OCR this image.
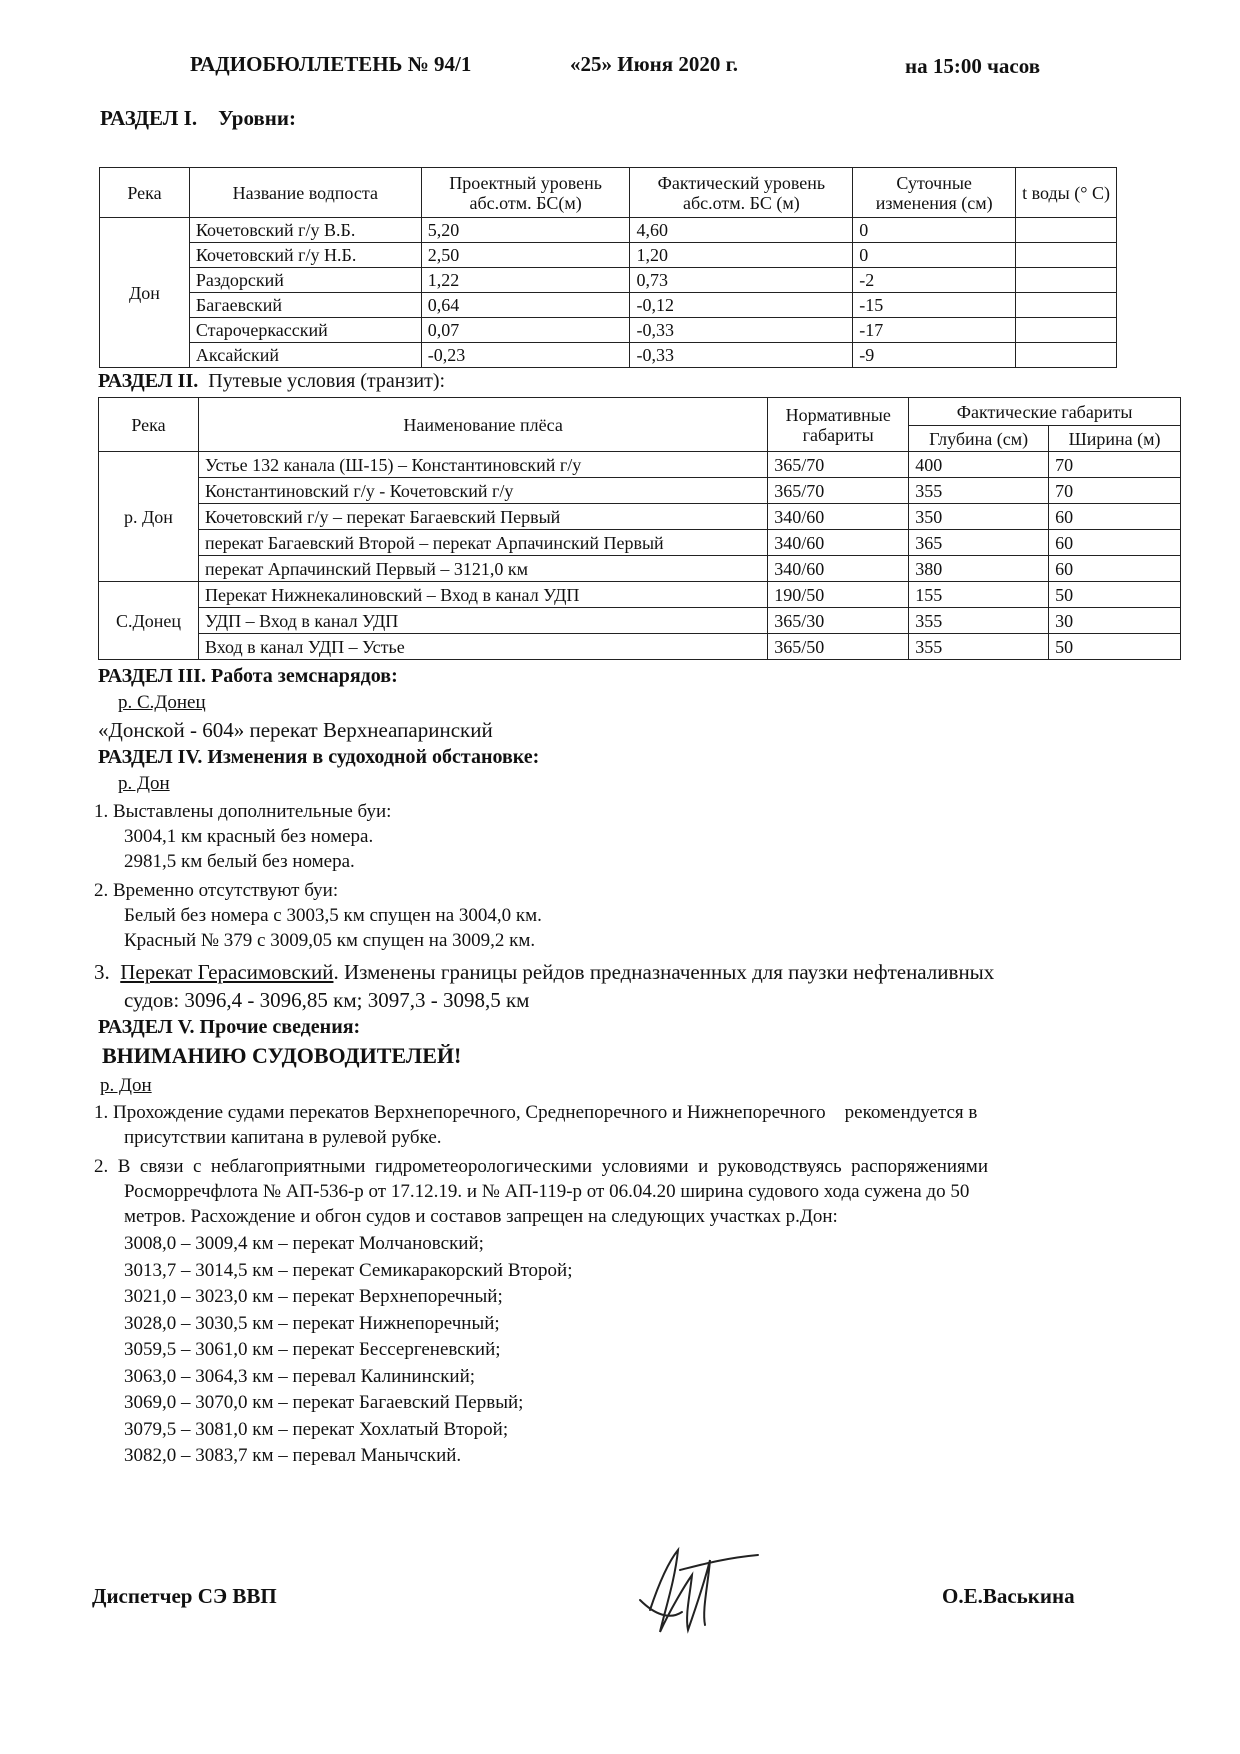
РАДИОБЮЛЛЕТЕНЬ № 94/1	«25» Июня 2020 г.	на 15:00 часов
РАЗДЕЛ I.    Уровни:
Река	Название водпоста	Проектный уровень абс.отм. БС(м)	Фактический уровень абс.отм. БС (м)	Суточные изменения (см)	t воды (° С)
Дон	Кочетовский г/у В.Б.	5,20	4,60	0	
	Кочетовский г/у Н.Б.	2,50	1,20	0	
	Раздорский	1,22	0,73	-2	
	Багаевский	0,64	-0,12	-15	
	Старочеркасский	0,07	-0,33	-17	
	Аксайский	-0,23	-0,33	-9	
РАЗДЕЛ II. Путевые условия (транзит):
Река	Наименование плёса	Нормативные габариты	Фактические габариты	
			Глубина (см)	Ширина (м)
р. Дон	Устье 132 канала (Ш-15) – Константиновский г/у	365/70	400	70
	Константиновский г/у - Кочетовский г/у	365/70	355	70
	Кочетовский г/у – перекат Багаевский Первый	340/60	350	60
	перекат Багаевский Второй – перекат Арпачинский Первый	340/60	365	60
	перекат Арпачинский Первый – 3121,0 км	340/60	380	60
С.Донец	Перекат Нижнекалиновский – Вход в канал УДП	190/50	155	50
	УДП – Вход в канал УДП	365/30	355	30
	Вход в канал УДП – Устье	365/50	355	50
РАЗДЕЛ III. Работа земснарядов:
р. С.Донец
«Донской - 604» перекат Верхнеапаринский
РАЗДЕЛ IV. Изменения в судоходной обстановке:
р. Дон
1. Выставлены дополнительные буи:
3004,1 км красный без номера.
2981,5 км белый без номера.
2. Временно отсутствуют буи:
Белый без номера с 3003,5 км спущен на 3004,0 км.
Красный № 379 с 3009,05 км спущен на 3009,2 км.
3. Перекат Герасимовский. Изменены границы рейдов предназначенных для паузки нефтеналивных
судов: 3096,4 - 3096,85 км; 3097,3 - 3098,5 км
РАЗДЕЛ V. Прочие сведения:
ВНИМАНИЮ СУДОВОДИТЕЛЕЙ!
р. Дон
1. Прохождение судами перекатов Верхнепоречного, Среднепоречного и Нижнепоречного    рекомендуется в
присутствии капитана в рулевой рубке.
2.  В  связи  с  неблагоприятными  гидрометеорологическими  условиями  и  руководствуясь  распоряжениями
Росморречфлота № АП-536-р от 17.12.19. и № АП-119-р от 06.04.20 ширина судового хода сужена до 50
метров. Расхождение и обгон судов и составов запрещен на следующих участках р.Дон:
3008,0 – 3009,4 км – перекат Молчановский;
3013,7 – 3014,5 км – перекат Семикаракорский Второй;
3021,0 – 3023,0 км – перекат Верхнепоречный;
3028,0 – 3030,5 км – перекат Нижнепоречный;
3059,5 – 3061,0 км – перекат Бессергеневский;
3063,0 – 3064,3 км – перевал Калининский;
3069,0 – 3070,0 км – перекат Багаевский Первый;
3079,5 – 3081,0 км – перекат Хохлатый Второй;
3082,0 – 3083,7 км – перевал Манычский.
Диспетчер СЭ ВВП	О.Е.Васькина
